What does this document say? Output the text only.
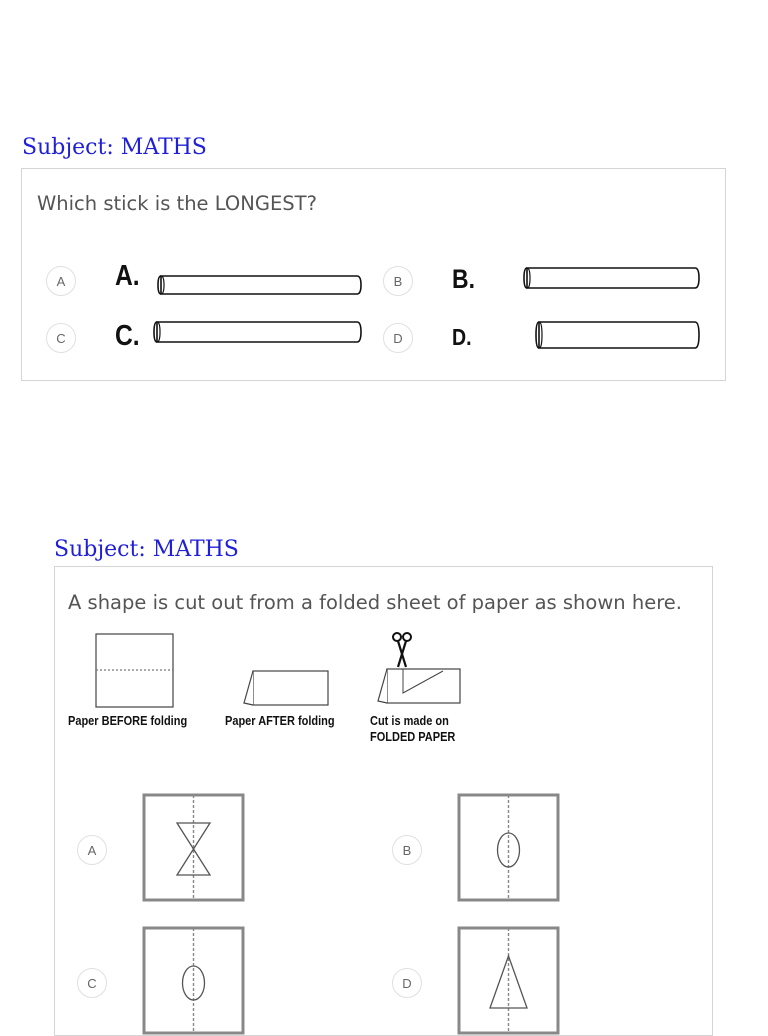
Subject: MATHS
Which stick is the LONGEST?
A A.	B B.
C C.	D D.
Subject: MATHS
A shape is cut out from a folded sheet of paper as shown here.
Paper BEFORE folding	Paper AFTER folding	Cut is made on
FOLDED PAPER
A	B
C	D
